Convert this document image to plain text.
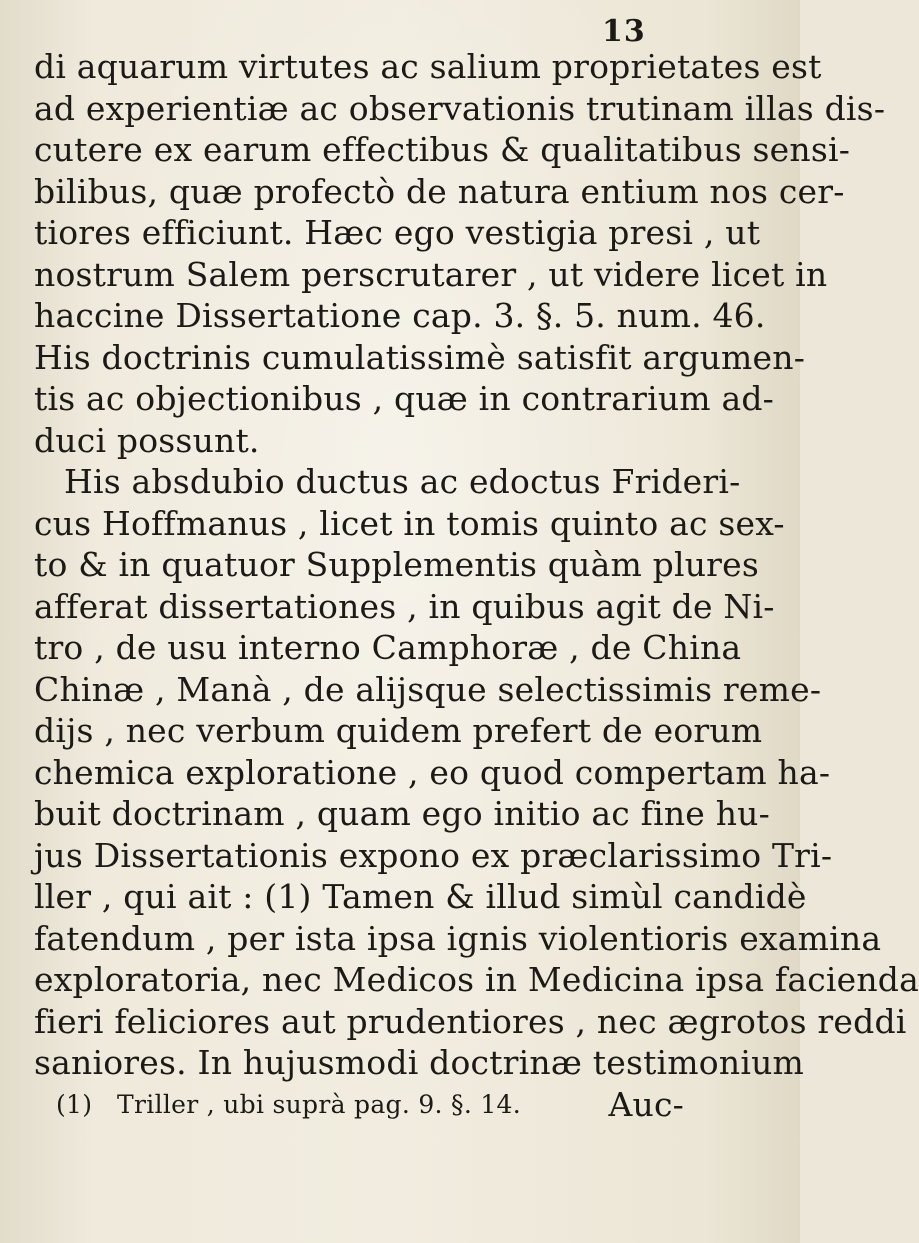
13
di aquarum virtutes ac salium proprietates est
ad experientiæ ac observationis trutinam illas dis-
cutere ex earum effectibus & qualitatibus sensi-
bilibus, quæ profectò de natura entium nos cer-
tiores efficiunt. Hæc ego vestigia presi , ut
nostrum Salem perscrutarer , ut videre licet in
haccine Dissertatione cap. 3. §. 5. num. 46.
His doctrinis cumulatissimè satisfit argumen-
tis ac objectionibus , quæ in contrarium ad-
duci possunt.
His absdubio ductus ac edoctus Frideri-
cus Hoffmanus , licet in tomis quinto ac sex-
to & in quatuor Supplementis quàm plures
afferat dissertationes , in quibus agit de Ni-
tro , de usu interno Camphoræ , de China
Chinæ , Manà , de alijsque selectissimis reme-
dijs , nec verbum quidem prefert de eorum
chemica exploratione , eo quod compertam ha-
buit doctrinam , quam ego initio ac fine hu-
jus Dissertationis expono ex præclarissimo Tri-
ller , qui ait : (1) Tamen & illud simùl candidè
fatendum , per ista ipsa ignis violentioris examina
exploratoria, nec Medicos in Medicina ipsa facienda
fieri feliciores aut prudentiores , nec ægrotos reddi
saniores. In hujusmodi doctrinæ testimonium
Auc-
(1)   Triller , ubi suprà pag. 9. §. 14.
